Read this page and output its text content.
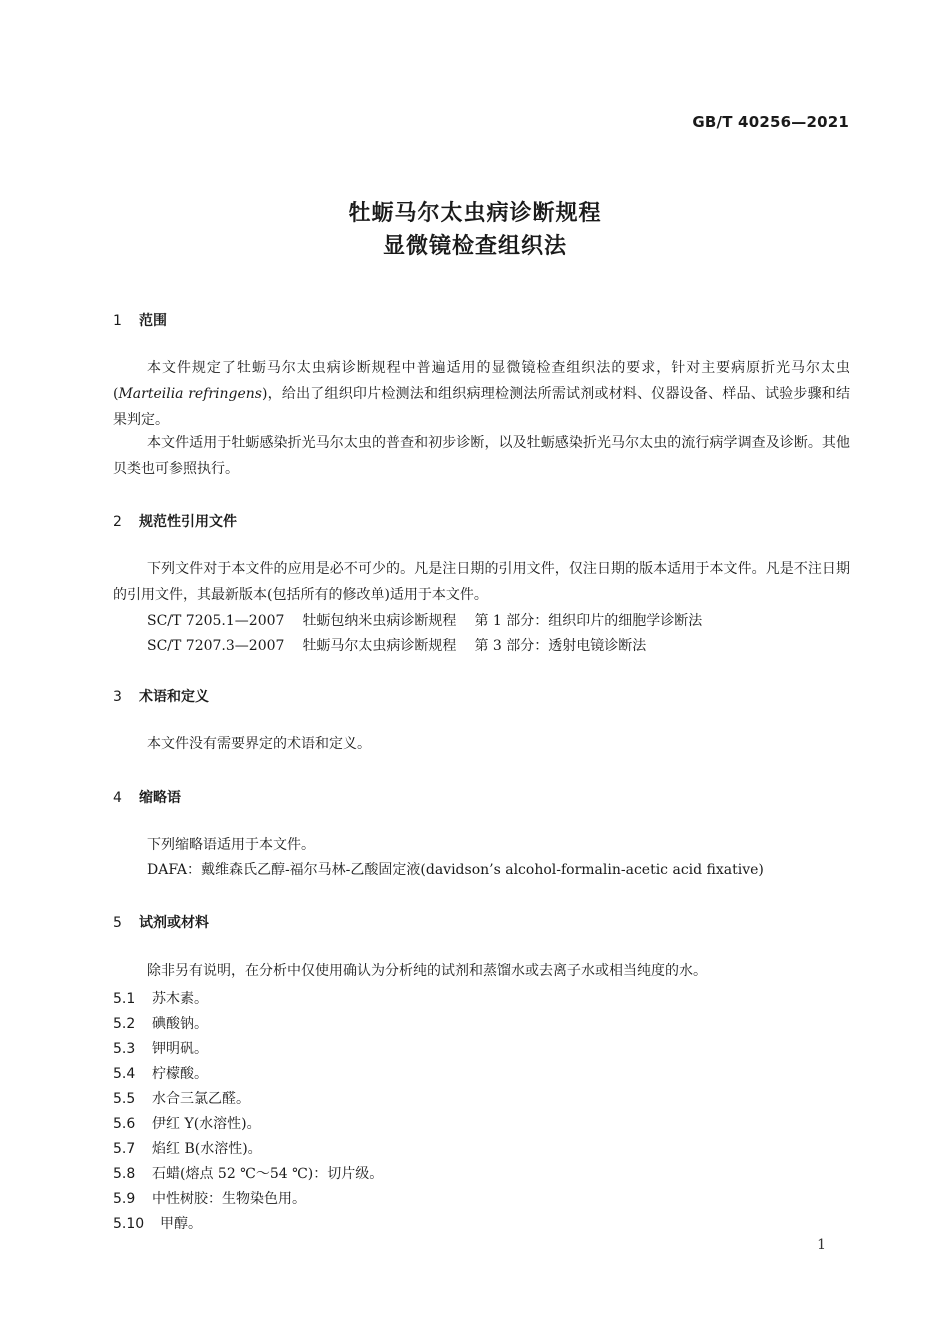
GB/T 40256—2021
牡蛎马尔太虫病诊断规程
显微镜检查组织法
1 范围
本文件规定了牡蛎马尔太虫病诊断规程中普遍适用的显微镜检查组织法的要求，针对主要病原折光马尔太虫(Marteilia refringens)，给出了组织印片检测法和组织病理检测法所需试剂或材料、仪器设备、样品、试验步骤和结果判定。
本文件适用于牡蛎感染折光马尔太虫的普查和初步诊断，以及牡蛎感染折光马尔太虫的流行病学调查及诊断。其他贝类也可参照执行。
2 规范性引用文件
下列文件对于本文件的应用是必不可少的。凡是注日期的引用文件，仅注日期的版本适用于本文件。凡是不注日期的引用文件，其最新版本(包括所有的修改单)适用于本文件。
SC/T 7205.1—2007 牡蛎包纳米虫病诊断规程 第 1 部分：组织印片的细胞学诊断法
SC/T 7207.3—2007 牡蛎马尔太虫病诊断规程 第 3 部分：透射电镜诊断法
3 术语和定义
本文件没有需要界定的术语和定义。
4 缩略语
下列缩略语适用于本文件。
DAFA：戴维森氏乙醇-福尔马林-乙酸固定液(davidson’s alcohol-formalin-acetic acid fixative)
5 试剂或材料
除非另有说明，在分析中仅使用确认为分析纯的试剂和蒸馏水或去离子水或相当纯度的水。
5.1 苏木素。
5.2 碘酸钠。
5.3 钾明矾。
5.4 柠檬酸。
5.5 水合三氯乙醛。
5.6 伊红 Y(水溶性)。
5.7 焰红 B(水溶性)。
5.8 石蜡(熔点 52 ℃～54 ℃)：切片级。
5.9 中性树胶：生物染色用。
5.10 甲醇。
1
